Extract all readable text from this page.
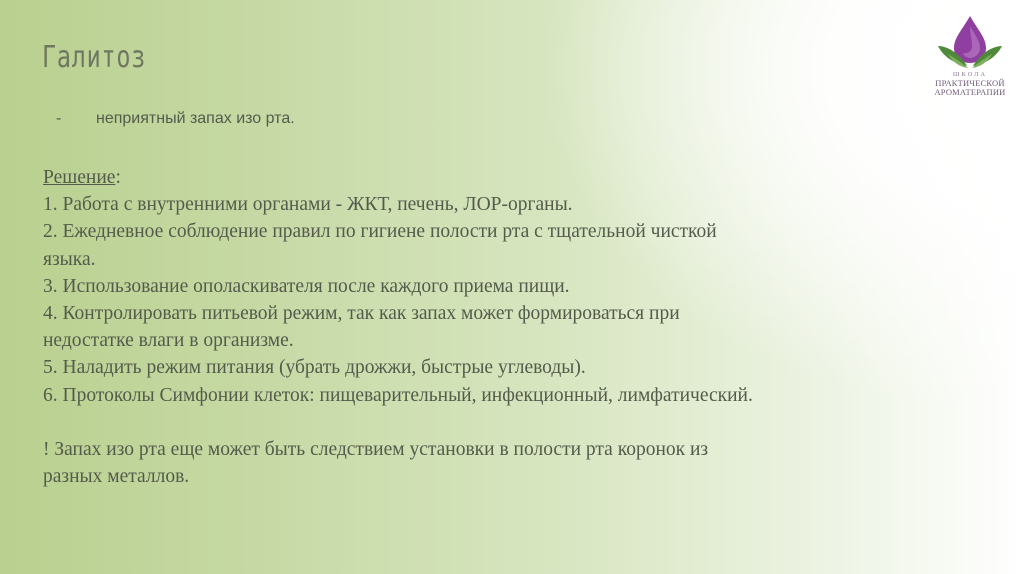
Галитоз
- неприятный запах изо рта.
Решение:
1. Работа с внутренними органами - ЖКТ, печень, ЛОР-органы.
2. Ежедневное соблюдение правил по гигиене полости рта с тщательной чисткой
языка.
3. Использование ополаскивателя после каждого приема пищи.
4. Контролировать питьевой режим, так как запах может формироваться при
недостатке влаги в организме.
5. Наладить режим питания (убрать дрожжи, быстрые углеводы).
6. Протоколы Симфонии клеток: пищеварительный, инфекционный, лимфатический.
! Запах изо рта еще может быть следствием установки в полости рта коронок из
разных металлов.
ШКОЛА
ПРАКТИЧЕСКОЙ
АРОМАТЕРАПИИ
